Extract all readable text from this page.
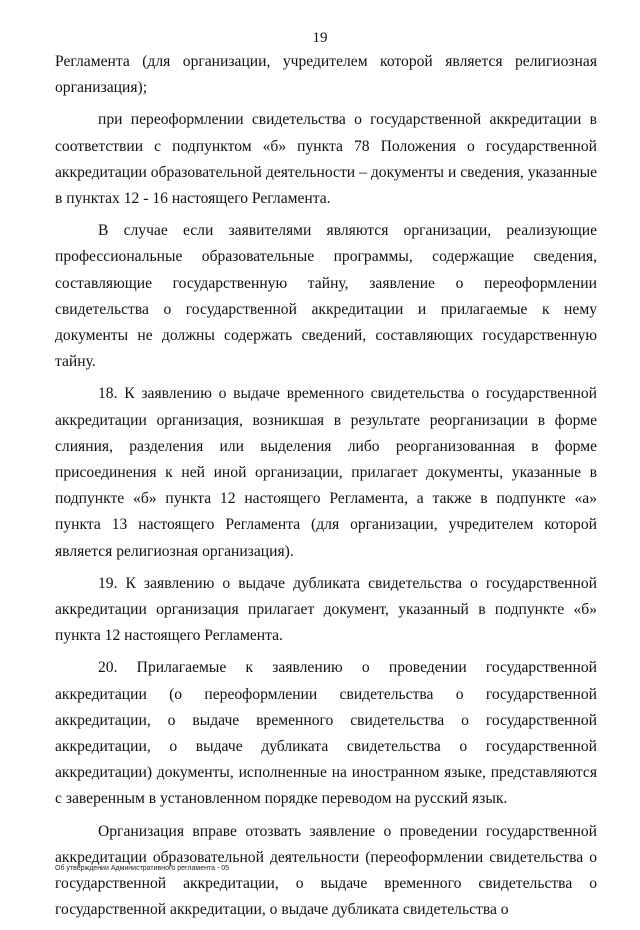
19

Регламента (для организации, учредителем которой является религиозная организация);

при переоформлении свидетельства о государственной аккредитации в соответствии с подпунктом «б» пункта 78 Положения о государственной аккредитации образовательной деятельности – документы и сведения, указанные в пунктах 12 - 16 настоящего Регламента.

В случае если заявителями являются организации, реализующие профессиональные образовательные программы, содержащие сведения, составляющие государственную тайну, заявление о переоформлении свидетельства о государственной аккредитации и прилагаемые к нему документы не должны содержать сведений, составляющих государственную тайну.

18. К заявлению о выдаче временного свидетельства о государственной аккредитации организация, возникшая в результате реорганизации в форме слияния, разделения или выделения либо реорганизованная в форме присоединения к ней иной организации, прилагает документы, указанные в подпункте «б» пункта 12 настоящего Регламента, а также в подпункте «а» пункта 13 настоящего Регламента (для организации, учредителем которой является религиозная организация).

19. К заявлению о выдаче дубликата свидетельства о государственной аккредитации организация прилагает документ, указанный в подпункте «б» пункта 12 настоящего Регламента.

20. Прилагаемые к заявлению о проведении государственной аккредитации (о переоформлении свидетельства о государственной аккредитации, о выдаче временного свидетельства о государственной аккредитации, о выдаче дубликата свидетельства о государственной аккредитации) документы, исполненные на иностранном языке, представляются с заверенным в установленном порядке переводом на русский язык.

Организация вправе отозвать заявление о проведении государственной аккредитации образовательной деятельности (переоформлении свидетельства о государственной аккредитации, о выдаче временного свидетельства о государственной аккредитации, о выдаче дубликата свидетельства о

Об утверждении Административного регламента - 05
